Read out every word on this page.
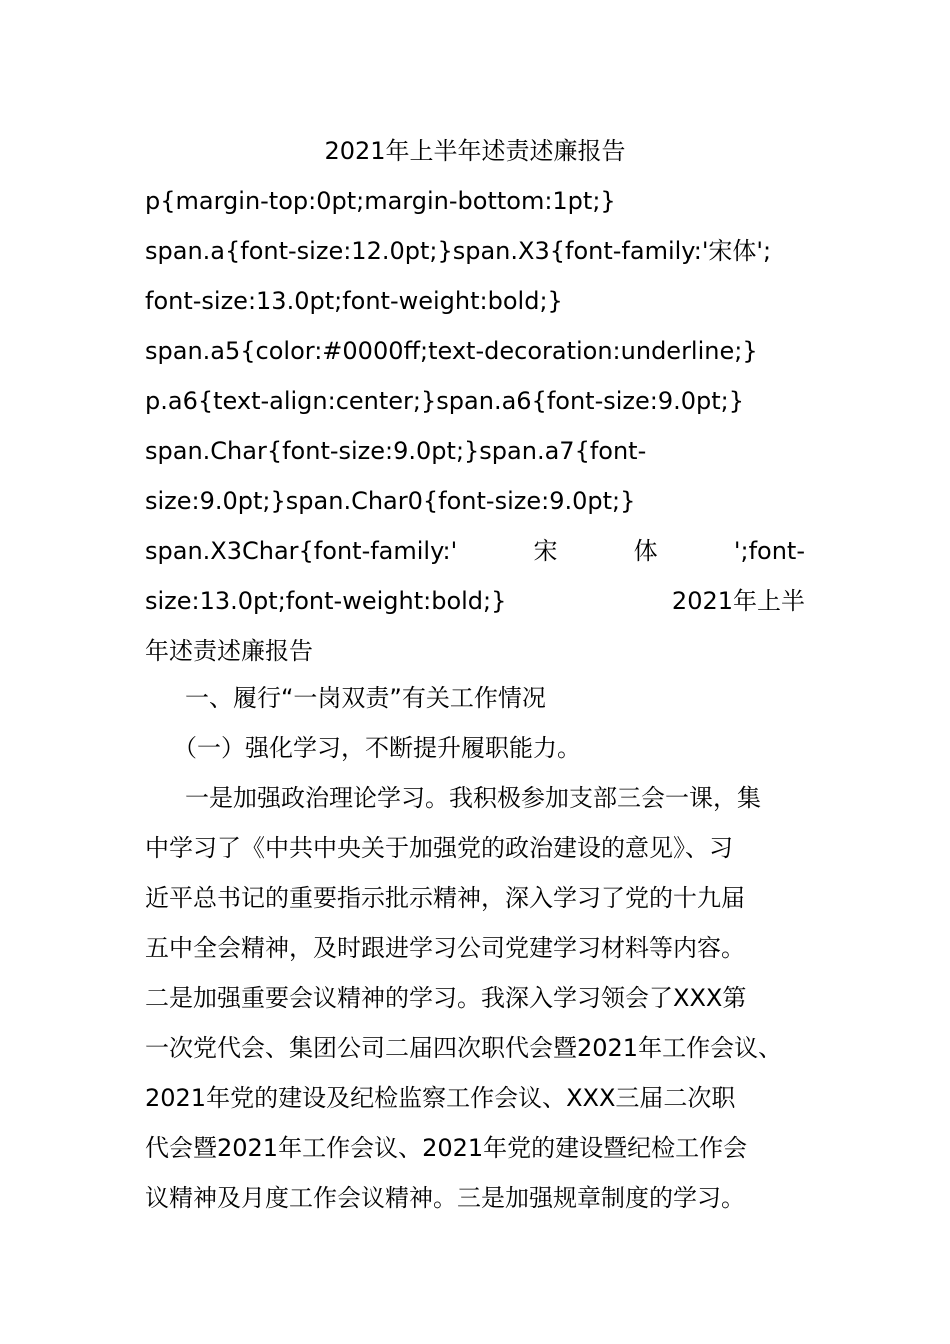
2021年上半年述责述廉报告
p{margin-top:0pt;margin-bottom:1pt;}
span.a{font-size:12.0pt;}span.X3{font-family:'宋体';
font-size:13.0pt;font-weight:bold;}
span.a5{color:#0000ff;text-decoration:underline;}
p.a6{text-align:center;}span.a6{font-size:9.0pt;}
span.Char{font-size:9.0pt;}span.a7{font-
size:9.0pt;}span.Char0{font-size:9.0pt;}
span.X3Char{font-family:'	宋	体	';font-
size:13.0pt;font-weight:bold;}	2021年上半
年述责述廉报告
一、履行“一岗双责”有关工作情况
（一）强化学习，不断提升履职能力。
一是加强政治理论学习。我积极参加支部三会一课，集
中学习了《中共中央关于加强党的政治建设的意见》、习
近平总书记的重要指示批示精神，深入学习了党的十九届
五中全会精神，及时跟进学习公司党建学习材料等内容。
二是加强重要会议精神的学习。我深入学习领会了XXX第
一次党代会、集团公司二届四次职代会暨2021年工作会议、
2021年党的建设及纪检监察工作会议、XXX三届二次职
代会暨2021年工作会议、2021年党的建设暨纪检工作会
议精神及月度工作会议精神。三是加强规章制度的学习。
